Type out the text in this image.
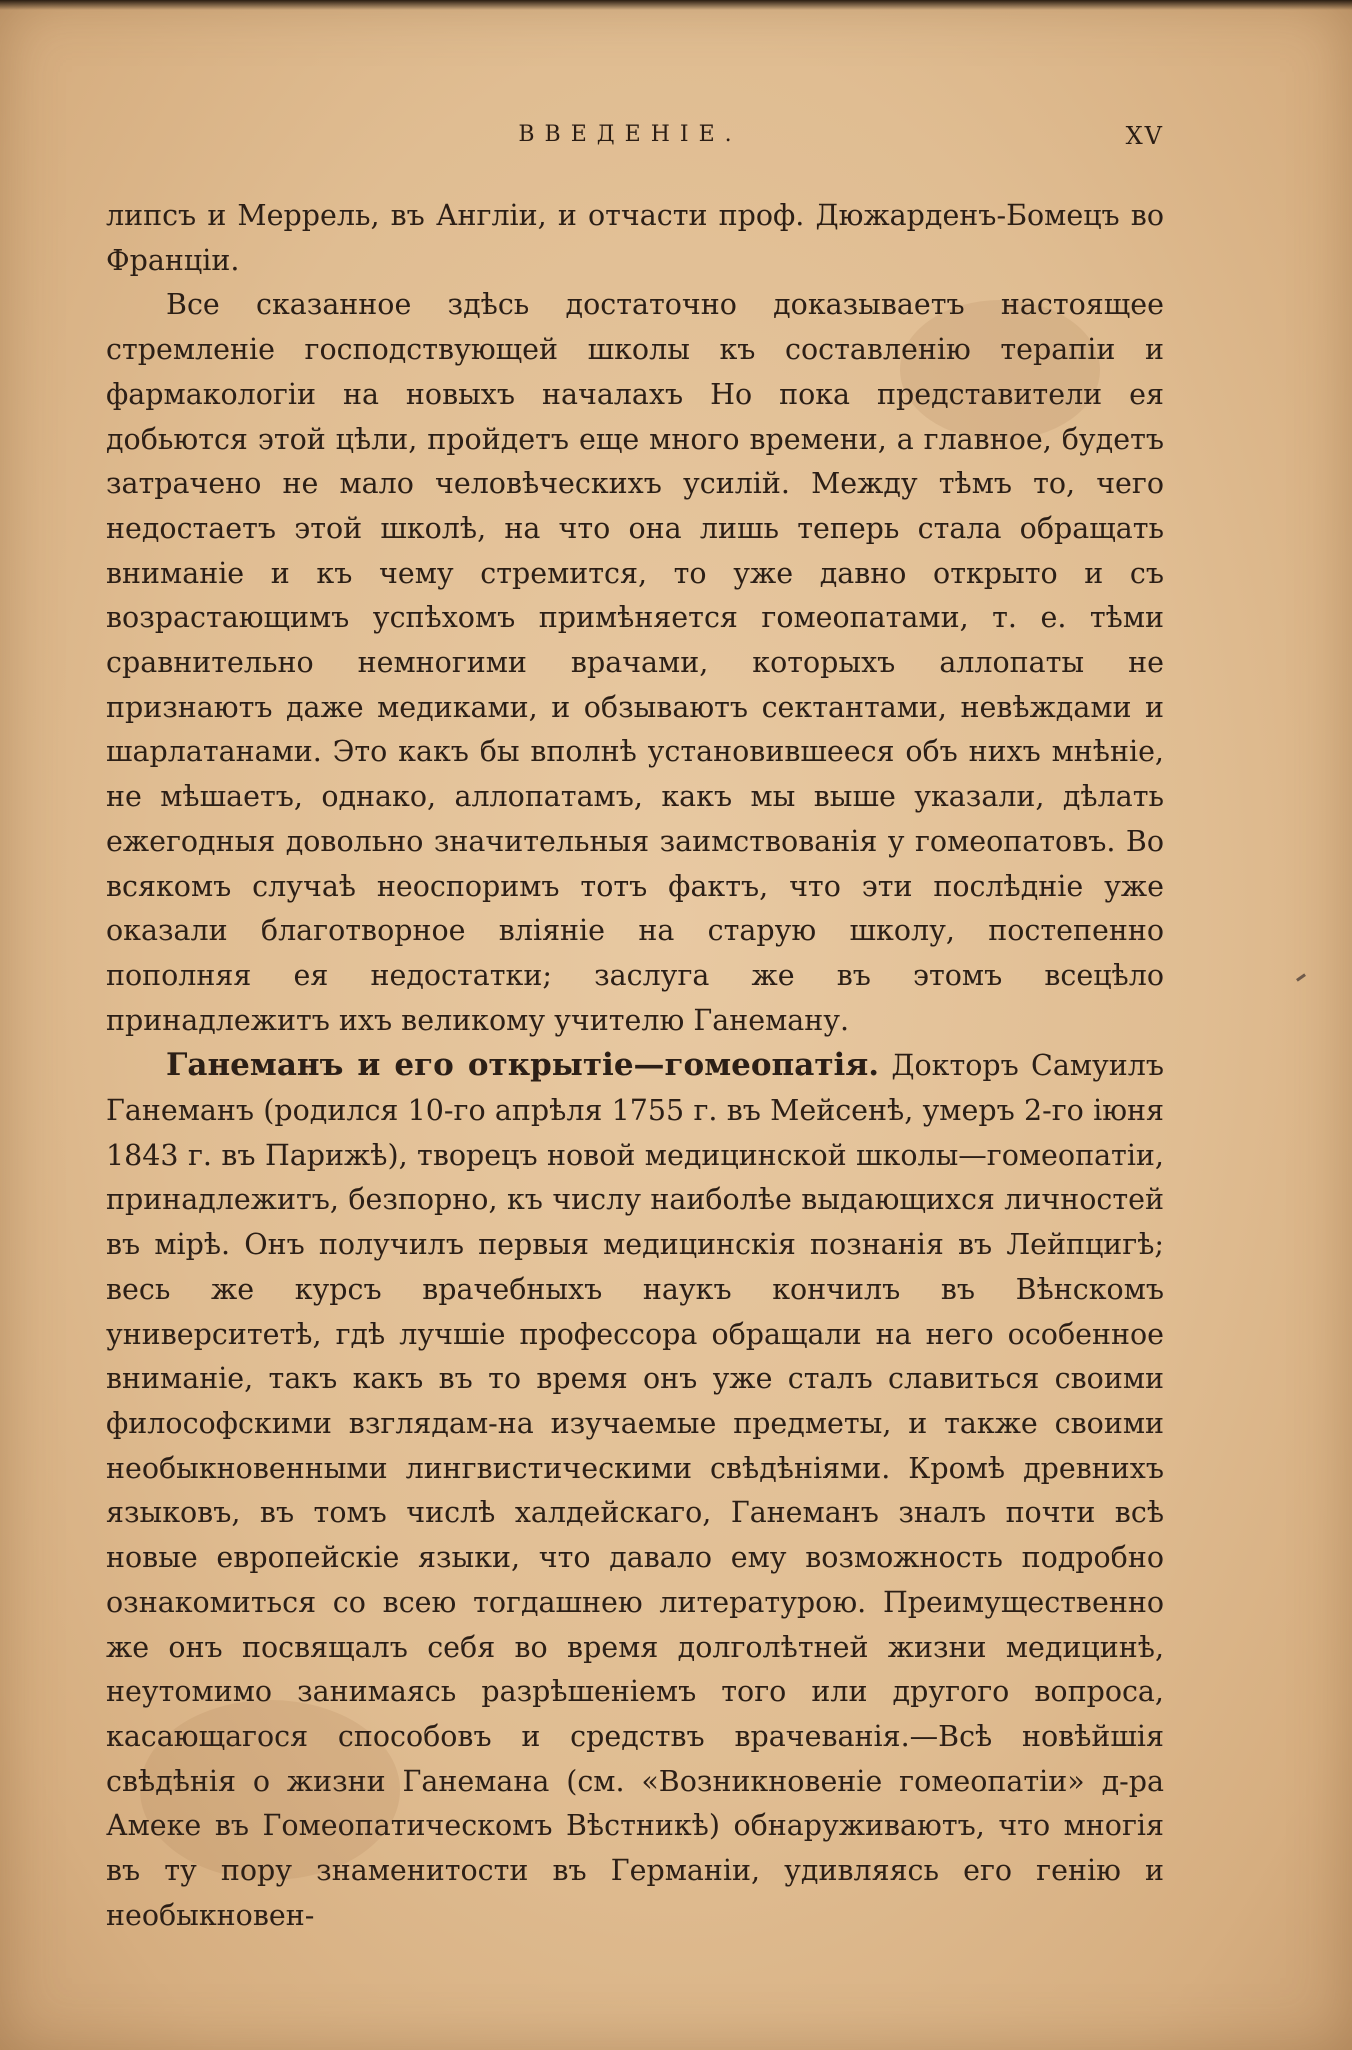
ВВЕДЕНІЕ.	XV

липсъ и Меррель, въ Англіи, и отчасти проф. Дюжарденъ-Бомецъ во Франціи.

Все сказанное здѣсь достаточно доказываетъ настоящее стремленіе господствующей школы къ составленію терапіи и фармакологіи на новыхъ началахъ Но пока представители ея добьются этой цѣли, пройдетъ еще много времени, а главное, будетъ затрачено не мало человѣческихъ усилій. Между тѣмъ то, чего недостаетъ этой школѣ, на что она лишь теперь стала обращать вниманіе и къ чему стремится, то уже давно открыто и съ возрастающимъ успѣхомъ примѣняется гомеопатами, т. е. тѣми сравнительно немногими врачами, которыхъ аллопаты не признаютъ даже медиками, и обзываютъ сектантами, невѣждами и шарлатанами. Это какъ бы вполнѣ установившееся объ нихъ мнѣніе, не мѣшаетъ, однако, аллопатамъ, какъ мы выше указали, дѣлать ежегодныя довольно значительныя заимствованія у гомеопатовъ. Во всякомъ случаѣ неоспоримъ тотъ фактъ, что эти послѣдніе уже оказали благотворное вліяніе на старую школу, постепенно пополняя ея недостатки; заслуга же въ этомъ всецѣло принадлежитъ ихъ великому учителю Ганеману.

Ганеманъ и его открытіе—гомеопатія. Докторъ Самуилъ Ганеманъ (родился 10-го апрѣля 1755 г. въ Мейсенѣ, умеръ 2-го іюня 1843 г. въ Парижѣ), творецъ новой медицинской школы—гомеопатіи, принадлежитъ, безпорно, къ числу наиболѣе выдающихся личностей въ мірѣ. Онъ получилъ первыя медицинскія познанія въ Лейпцигѣ; весь же курсъ врачебныхъ наукъ кончилъ въ Вѣнскомъ университетѣ, гдѣ лучшіе профессора обращали на него особенное вниманіе, такъ какъ въ то время онъ уже сталъ славиться своими философскими взглядам-на изучаемые предметы, и также своими необыкновенными лингвистическими свѣдѣніями. Кромѣ древнихъ языковъ, въ томъ числѣ халдейскагo, Ганеманъ зналъ почти всѣ новые европейскіе языки, что давало ему возможность подробно ознакомиться со всею тогдашнею литературою. Преимущественно же онъ посвящалъ себя во время долголѣтней жизни медицинѣ, неутомимо занимаясь разрѣшеніемъ того или другого вопроса, касающагося способовъ и средствъ врачеванія.—Всѣ новѣйшія свѣдѣнія о жизни Ганемана (см. «Возникновеніе гомеопатіи» д-ра Амеке въ Гомеопатическомъ Вѣстникѣ) обнаруживаютъ, что многія въ ту пору знаменитости въ Германіи, удивляясь его генію и необыкновен-
